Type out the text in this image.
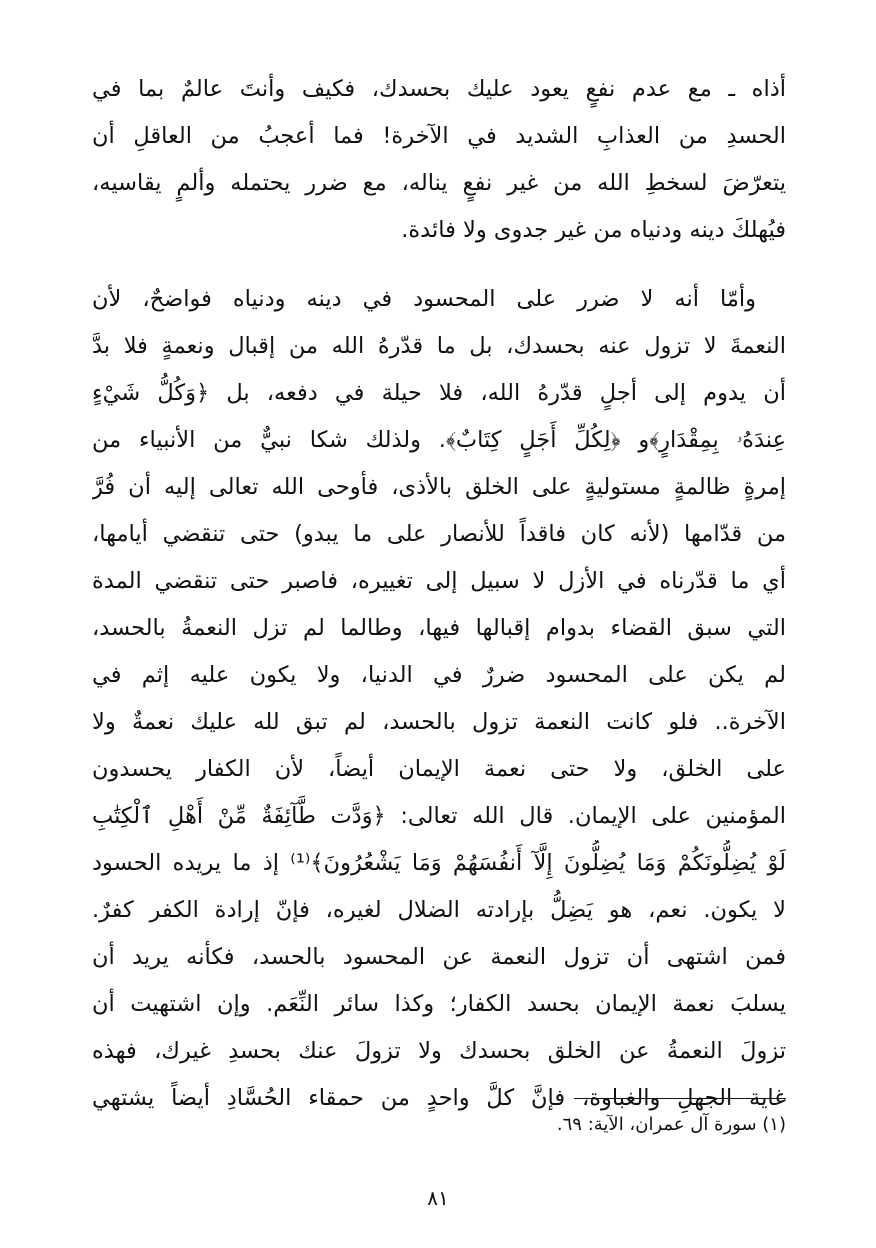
أذاه ـ مع عدم نفعٍ يعود عليك بحسدك، فكيف وأنتَ عالمٌ بما في
الحسدِ من العذابِ الشديد في الآخرة! فما أعجبُ من العاقلِ أن
يتعرّضَ لسخطِ الله من غير نفعٍ يناله، مع ضرر يحتمله وألمٍ يقاسيه،
فيُهلكَ دينه ودنياه من غير جدوى ولا فائدة.
وأمّا أنه لا ضرر على المحسود في دينه ودنياه فواضحٌ، لأن
النعمةَ لا تزول عنه بحسدك، بل ما قدّرهُ الله من إقبال ونعمةٍ فلا بدَّ
أن يدوم إلى أجلٍ قدّرهُ الله، فلا حيلة في دفعه، بل ﴿وَكُلُّ شَيْءٍ
عِندَهُۥ بِمِقْدَارٍ﴾و ﴿لِكُلِّ أَجَلٍ كِتَابٌ﴾. ولذلك شكا نبيٌّ من الأنبياء من
إمرةٍ ظالمةٍ مستوليةٍ على الخلق بالأذى، فأوحى الله تعالى إليه أن فُرَّ
من قدّامها (لأنه كان فاقداً للأنصار على ما يبدو) حتى تنقضي أيامها،
أي ما قدّرناه في الأزل لا سبيل إلى تغييره، فاصبر حتى تنقضي المدة
التي سبق القضاء بدوام إقبالها فيها، وطالما لم تزل النعمةُ بالحسد،
لم يكن على المحسود ضررٌ في الدنيا، ولا يكون عليه إثم في
الآخرة.. فلو كانت النعمة تزول بالحسد، لم تبق لله عليك نعمةٌ ولا
على الخلق، ولا حتى نعمة الإيمان أيضاً، لأن الكفار يحسدون
المؤمنين على الإيمان. قال الله تعالى: ﴿وَدَّت طَّآئِفَةٌ مِّنْ أَهْلِ ٱلْكِتَٰبِ
لَوْ يُضِلُّونَكُمْ وَمَا يُضِلُّونَ إِلَّآ أَنفُسَهُمْ وَمَا يَشْعُرُونَ﴾⁽¹⁾ إذ ما يريده الحسود
لا يكون. نعم، هو يَضِلُّ بإرادته الضلال لغيره، فإنّ إرادة الكفر كفرٌ.
فمن اشتهى أن تزول النعمة عن المحسود بالحسد، فكأنه يريد أن
يسلبَ نعمة الإيمان بحسد الكفار؛ وكذا سائر النِّعَم. وإن اشتهيت أن
تزولَ النعمةُ عن الخلق بحسدك ولا تزولَ عنك بحسدِ غيرك، فهذه
غاية الجهلِ والغباوة، فإنَّ كلَّ واحدٍ من حمقاء الحُسَّادِ أيضاً يشتهي
(١) سورة آل عمران، الآية: ٦٩.
٨١
